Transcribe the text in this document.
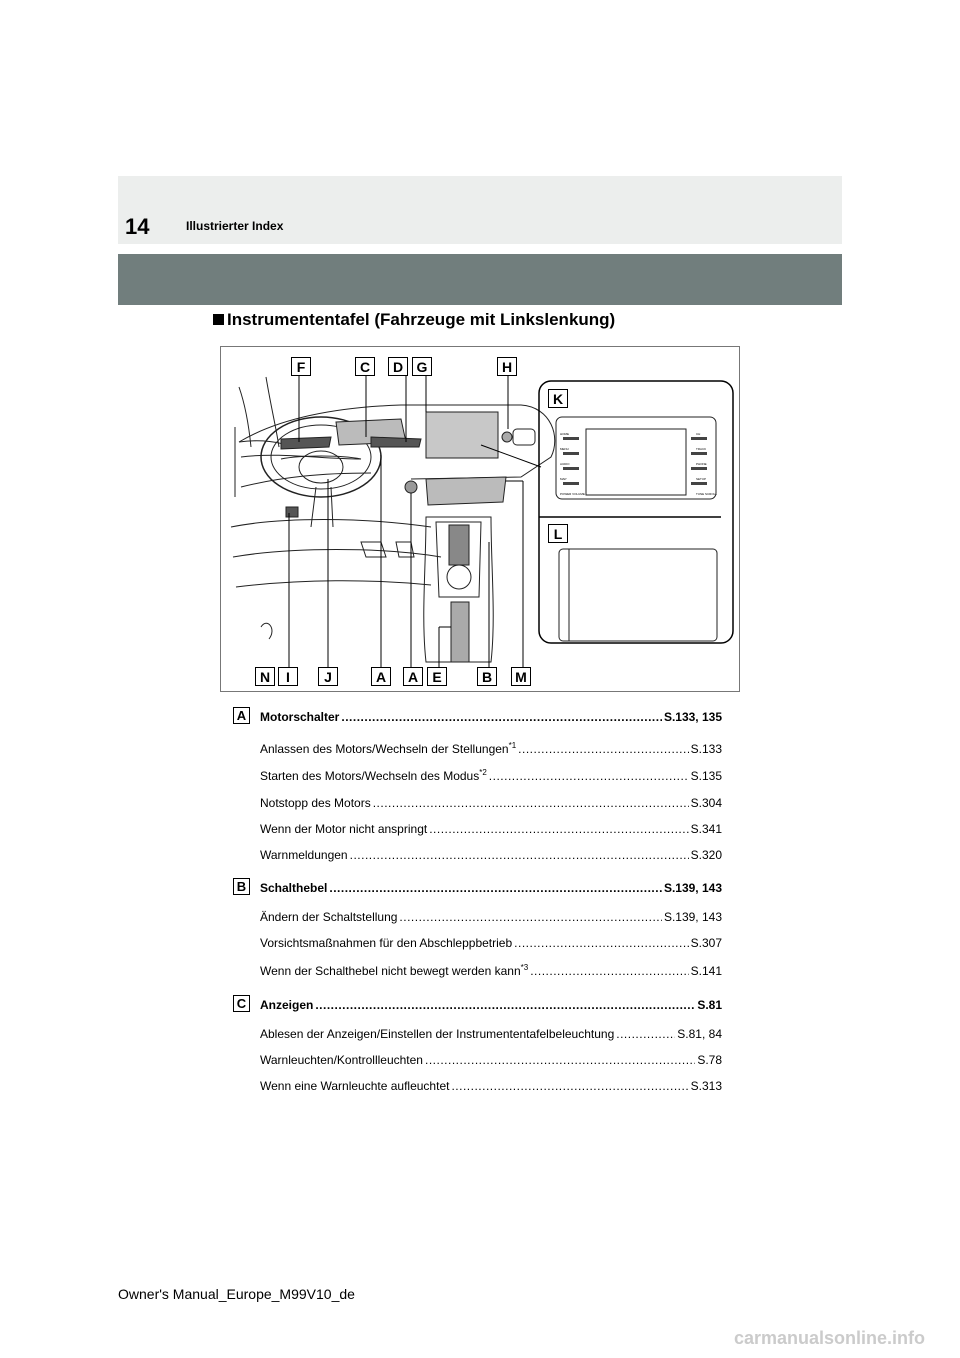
14	Illustrierter Index
Instrumententafel (Fahrzeuge mit Linkslenkung)
F	C	D G	H
K
L
N	I	J	A	A	E	B	M
HOME
MENU
AUDIO
MAP
POWER VOLUME
CH
TRACK
PHONE
SETUP
TUNE SCROLL
A	Motorschalter .....	S.133, 135
Anlassen des Motors/Wechseln der Stellungen$^{*1}$ .....	S.133
Starten des Motors/Wechseln des Modus$^{*2}$ .....	S.135
Notstopp des Motors .....	S.304
Wenn der Motor nicht anspringt .....	S.341
Warnmeldungen .....	S.320
B	Schalthebel .....	S.139, 143
Ändern der Schaltstellung .....	S.139, 143
Vorsichtsmaßnahmen für den Abschleppbetrieb .....	S.307
Wenn der Schalthebel nicht bewegt werden kann$^{*3}$ .....	S.141
C	Anzeigen .....	S.81
Ablesen der Anzeigen/Einstellen der Instrumententafelbeleuchtung .....	S.81, 84
Warnleuchten/Kontrollleuchten .....	S.78
Wenn eine Warnleuchte aufleuchtet .....	S.313
Owner's Manual_Europe_M99V10_de
carmanualsonline.info
